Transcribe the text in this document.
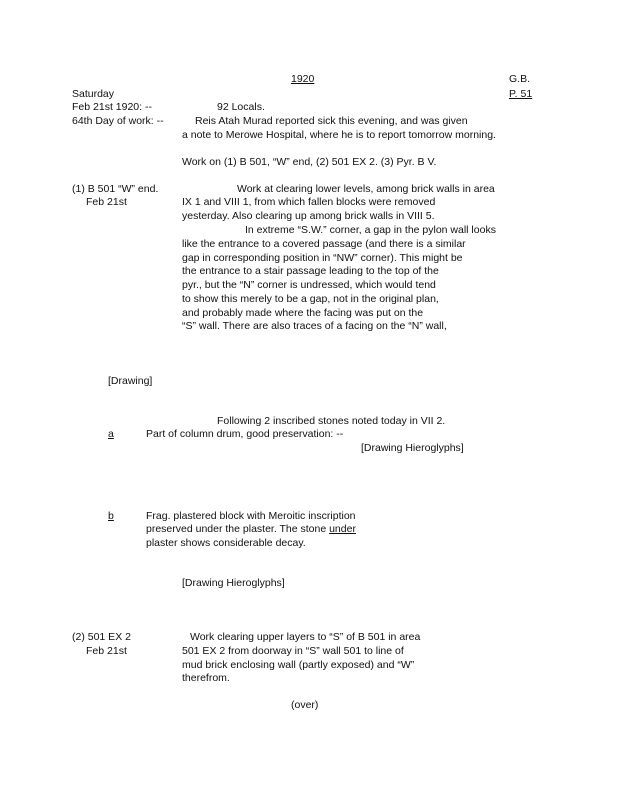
1920	G.B.
P. 51
Saturday
Feb 21st 1920: --	92 Locals.
64th Day of work: --	Reis Atah Murad reported sick this evening, and was given
a note to Merowe Hospital, where he is to report tomorrow morning.
Work on (1) B 501, “W” end, (2) 501 EX 2. (3) Pyr. B V.
(1) B 501 “W” end.
Feb 21st
Work at clearing lower levels, among brick walls in area
IX 1 and VIII 1, from which fallen blocks were removed
yesterday. Also clearing up among brick walls in VIII 5.
In extreme “S.W.” corner, a gap in the pylon wall looks
like the entrance to a covered passage (and there is a similar
gap in corresponding position in “NW” corner). This might be
the entrance to a stair passage leading to the top of the
pyr., but the “N” corner is undressed, which would tend
to show this merely to be a gap, not in the original plan,
and probably made where the facing was put on the
“S” wall. There are also traces of a facing on the “N” wall,
[Drawing]
Following 2 inscribed stones noted today in VII 2.
a	Part of column drum, good preservation: --
[Drawing Hieroglyphs]
b	Frag. plastered block with Meroitic inscription
preserved under the plaster. The stone under
plaster shows considerable decay.
[Drawing Hieroglyphs]
(2) 501 EX 2
Feb 21st
Work clearing upper layers to “S” of B 501 in area
501 EX 2 from doorway in “S” wall 501 to line of
mud brick enclosing wall (partly exposed) and “W”
therefrom.
(over)
